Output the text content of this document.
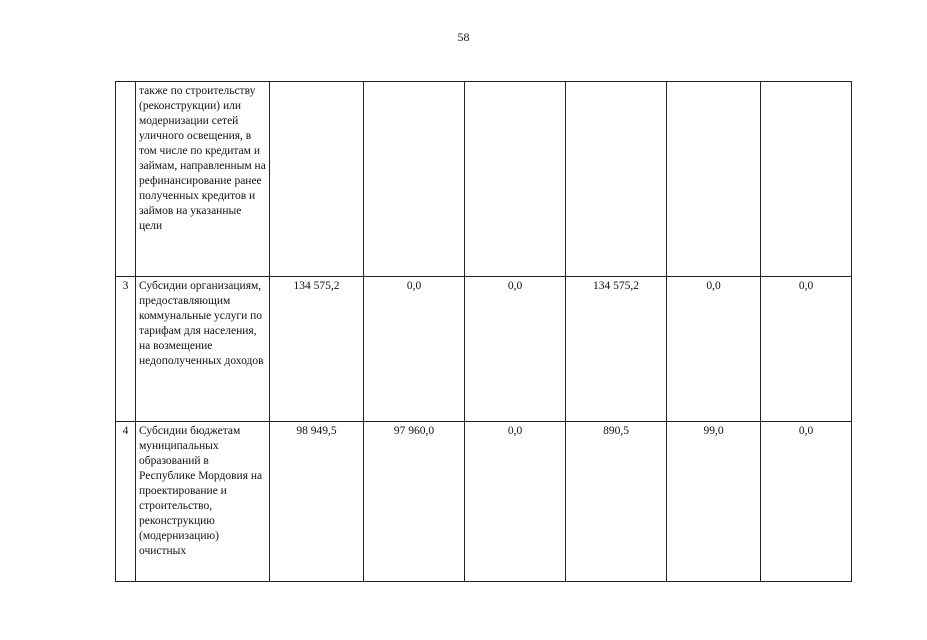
58
	также по строительству (реконструкции) или модернизации сетей уличного освещения, в том числе по кредитам и займам, направленным на рефинансирование ранее полученных кредитов и займов на указанные цели						
3	Субсидии организациям, предоставляющим коммунальные услуги по тарифам для населения, на возмещение недополученных доходов	134 575,2	0,0	0,0	134 575,2	0,0	0,0
4	Субсидии бюджетам муниципальных образований в Республике Мордовия на проектирование и строительство, реконструкцию (модернизацию) очистных	98 949,5	97 960,0	0,0	890,5	99,0	0,0
